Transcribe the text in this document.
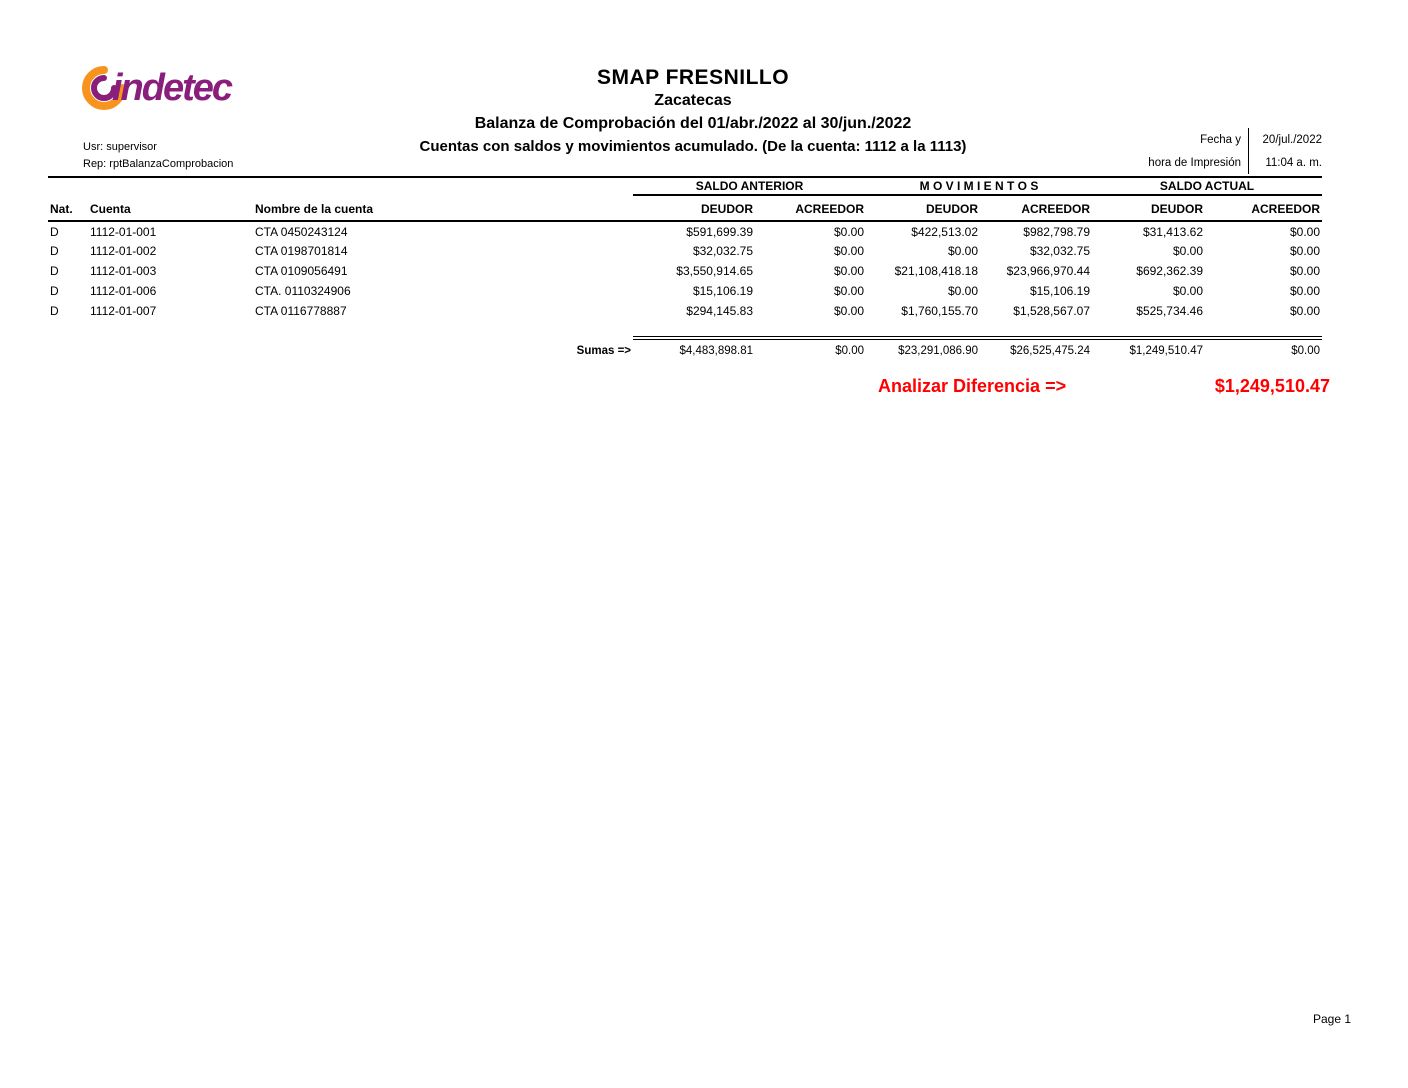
indetec	SMAP FRESNILLO
Zacatecas
Balanza de Comprobación del 01/abr./2022 al 30/jun./2022
Cuentas con saldos y movimientos acumulado. (De la cuenta: 1112 a la 1113)
Usr: supervisor
Rep: rptBalanzaComprobacion
Fecha y	20/jul./2022
hora de Impresión	11:04 a. m.
			SALDO ANTERIOR		M O V I M I E N T O S		SALDO ACTUAL	
Nat.	Cuenta	Nombre de la cuenta	DEUDOR	ACREEDOR	DEUDOR	ACREEDOR	DEUDOR	ACREEDOR
D	1112-01-001	CTA 0450243124	$591,699.39	$0.00	$422,513.02	$982,798.79	$31,413.62	$0.00
D	1112-01-002	CTA 0198701814	$32,032.75	$0.00	$0.00	$32,032.75	$0.00	$0.00
D	1112-01-003	CTA 0109056491	$3,550,914.65	$0.00	$21,108,418.18	$23,966,970.44	$692,362.39	$0.00
D	1112-01-006	CTA. 0110324906	$15,106.19	$0.00	$0.00	$15,106.19	$0.00	$0.00
D	1112-01-007	CTA 0116778887	$294,145.83	$0.00	$1,760,155.70	$1,528,567.07	$525,734.46	$0.00

		Sumas =>	$4,483,898.81	$0.00	$23,291,086.90	$26,525,475.24	$1,249,510.47	$0.00
Analizar Diferencia =>	$1,249,510.47
Page 1
